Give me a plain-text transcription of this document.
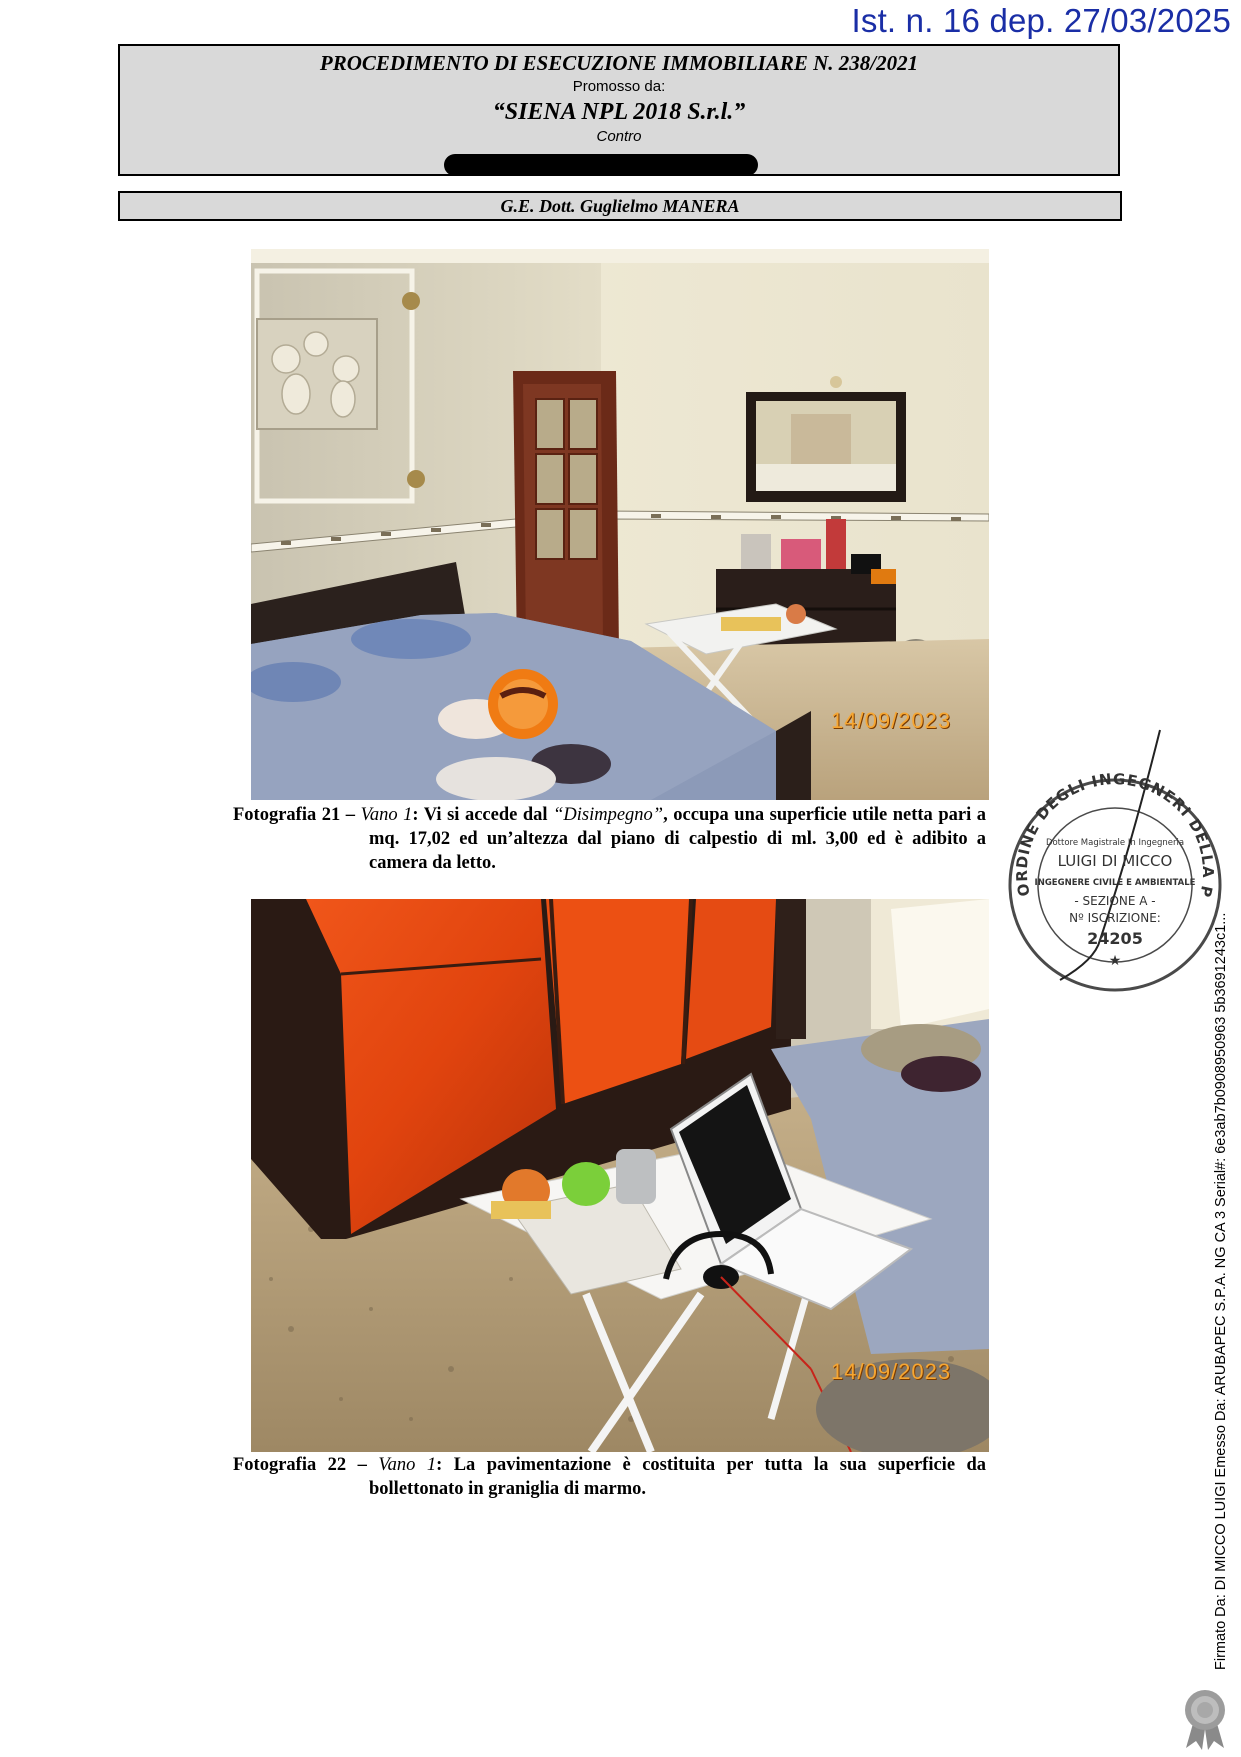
Ist. n. 16 dep. 27/03/2025
PROCEDIMENTO DI ESECUZIONE IMMOBILIARE N. 238/2021
Promosso da:
“SIENA NPL 2018 S.r.l.”
Contro
G.E. Dott. Guglielmo MANERA
14/09/2023
Fotografia 21 – Vano 1: Vi si accede dal “Disimpegno”, occupa una superficie utile netta pari a mq. 17,02 ed un’altezza dal piano di calpestio di ml. 3,00 ed è adibito a camera da letto.
14/09/2023
Fotografia 22 – Vano 1: La pavimentazione è costituita per tutta la sua superficie da bollettonato in graniglia di marmo.
ORDINE DEGLI INGEGNERI DELLA P
Dottore Magistrale In Ingegneria
LUIGI DI MICCO
INGEGNERE CIVILE E AMBIENTALE
- SEZIONE A -
Nº ISCRIZIONE:
24205
★	Firmato Da: DI MICCO LUIGI Emesso Da: ARUBAPEC S.P.A. NG CA 3 Serial#: 6e3ab7b0908950963 5b3691243c1...
